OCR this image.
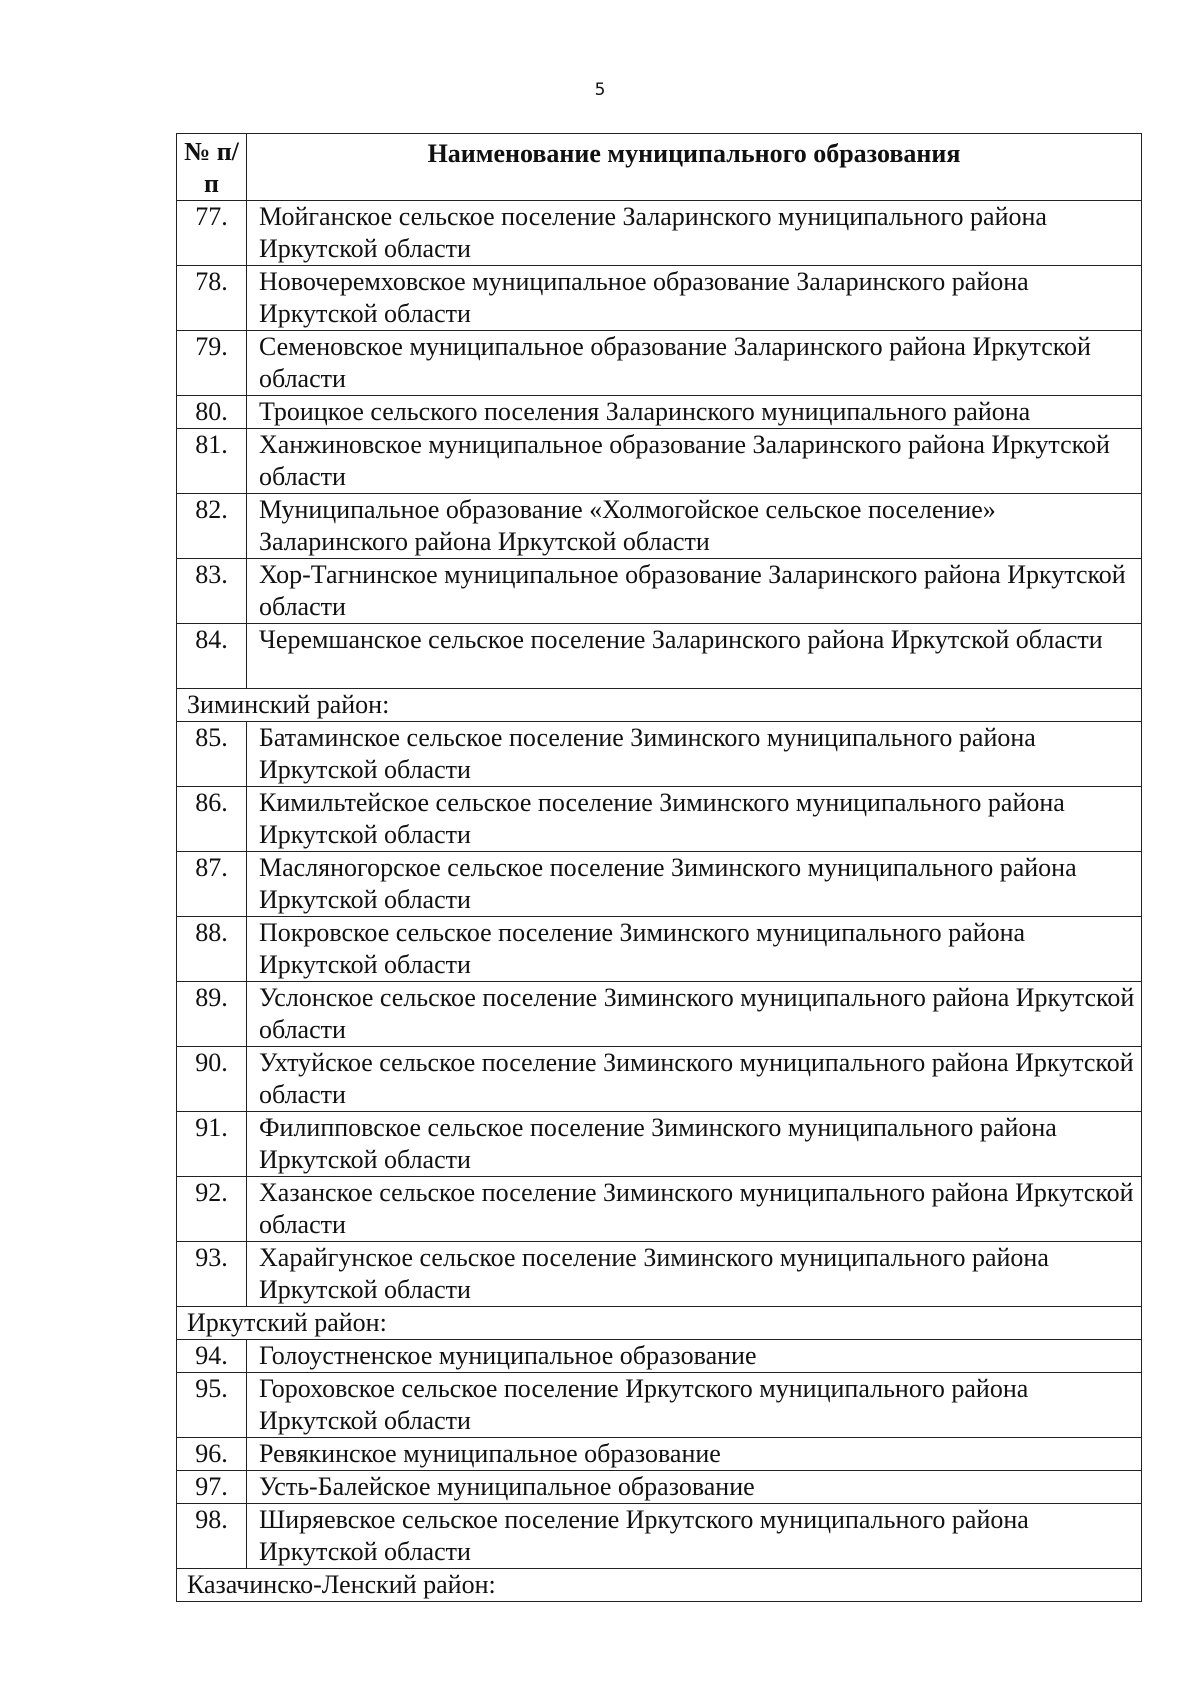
5
№ п/п	Наименование муниципального образования
77.	Мойганское сельское поселение Заларинского муниципального района Иркутской области
78.	Новочеремховское муниципальное образование Заларинского района Иркутской области
79.	Семеновское муниципальное образование Заларинского района Иркутской области
80.	Троицкое сельского поселения Заларинского муниципального района
81.	Ханжиновское муниципальное образование Заларинского района Иркутской области
82.	Муниципальное образование «Холмогойское сельское поселение» Заларинского района Иркутской области
83.	Хор-Тагнинское муниципальное образование Заларинского района Иркутской области
84.	Черемшанское сельское поселение Заларинского района Иркутской области
Зиминский район:	
85.	Батаминское сельское поселение Зиминского муниципального района Иркутской области
86.	Кимильтейское сельское поселение Зиминского муниципального района Иркутской области
87.	Масляногорское сельское поселение Зиминского муниципального района Иркутской области
88.	Покровское сельское поселение Зиминского муниципального района Иркутской области
89.	Услонское сельское поселение Зиминского муниципального района Иркутской области
90.	Ухтуйское сельское поселение Зиминского муниципального района Иркутской области
91.	Филипповское сельское поселение Зиминского муниципального района Иркутской области
92.	Хазанское сельское поселение Зиминского муниципального района Иркутской области
93.	Харайгунское сельское поселение Зиминского муниципального района Иркутской области
Иркутский район:	
94.	Голоустненское муниципальное образование
95.	Гороховское сельское поселение Иркутского муниципального района Иркутской области
96.	Ревякинское муниципальное образование
97.	Усть-Балейское муниципальное образование
98.	Ширяевское сельское поселение Иркутского муниципального района Иркутской области
Казачинско-Ленский район:	
